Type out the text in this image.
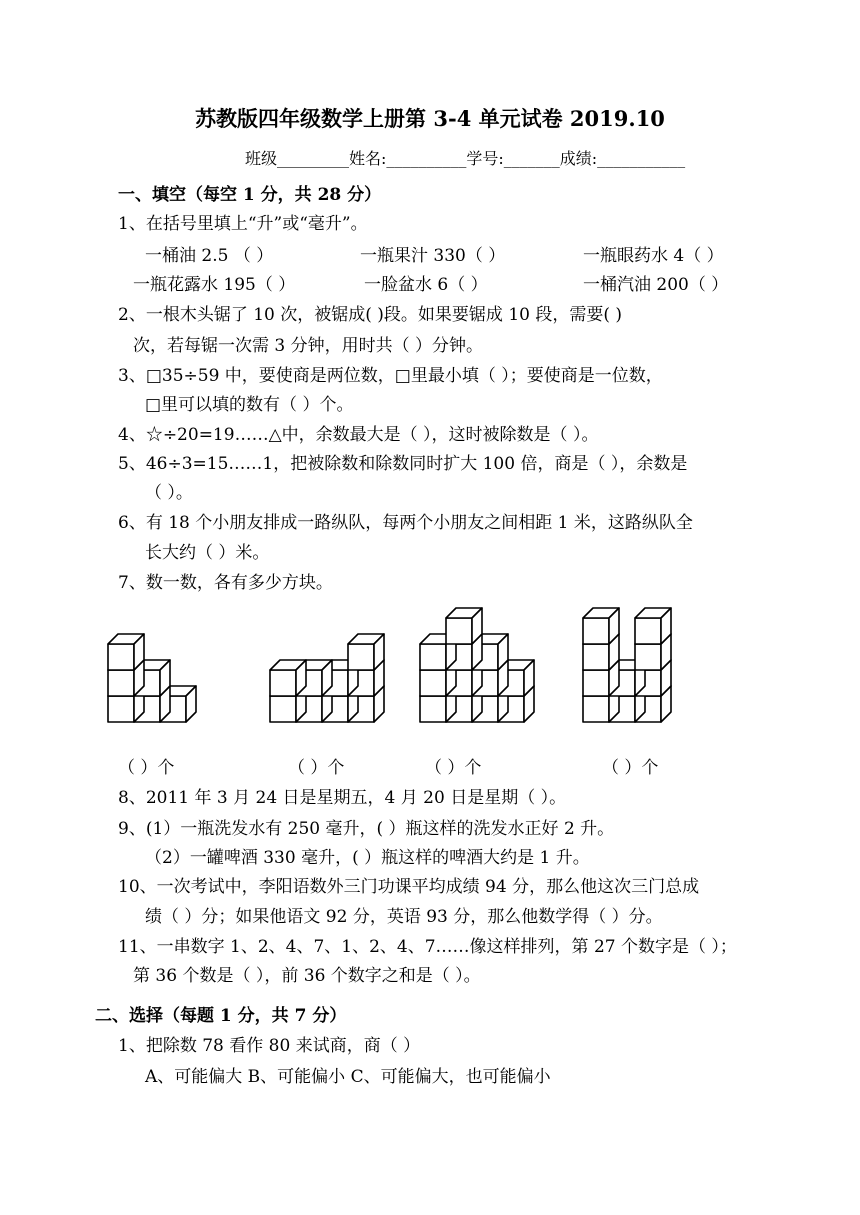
苏教版四年级数学上册第 3-4 单元试卷 2019.10
班级_________姓名:__________学号:_______成绩:___________
一、填空（每空 1 分，共 28 分）
1、在括号里填上“升”或“毫升”。
一桶油 2.5 （ ）	一瓶果汁 330（ ）	一瓶眼药水 4（ ）
一瓶花露水 195（ ）	一脸盆水 6（ ）	一桶汽油 200（ ）
2、一根木头锯了 10 次，被锯成( )段。如果要锯成 10 段，需要( )
次，若每锯一次需 3 分钟，用时共（ ）分钟。
3、□35÷59 中，要使商是两位数，□里最小填（ ）；要使商是一位数，
□里可以填的数有（ ）个。
4、☆÷20=19……△中，余数最大是（ ），这时被除数是（ ）。
5、46÷3=15……1，把被除数和除数同时扩大 100 倍，商是（ ），余数是
（ ）。
6、有 18 个小朋友排成一路纵队，每两个小朋友之间相距 1 米，这路纵队全
长大约（ ）米。
7、数一数，各有多少方块。
（ ）个	（ ）个	（ ）个	（ ）个
8、2011 年 3 月 24 日是星期五，4 月 20 日是星期（ ）。
9、(1）一瓶洗发水有 250 毫升，( ）瓶这样的洗发水正好 2 升。
（2）一罐啤酒 330 毫升，( ）瓶这样的啤酒大约是 1 升。
10、一次考试中，李阳语数外三门功课平均成绩 94 分，那么他这次三门总成
绩（ ）分；如果他语文 92 分，英语 93 分，那么他数学得（ ）分。
11、一串数字 1、2、4、7、1、2、4、7……像这样排列，第 27 个数字是（ ）；
第 36 个数是（ ），前 36 个数字之和是（ ）。
二、选择（每题 1 分，共 7 分）
1、把除数 78 看作 80 来试商，商（ ）
A、可能偏大 B、可能偏小 C、可能偏大，也可能偏小
